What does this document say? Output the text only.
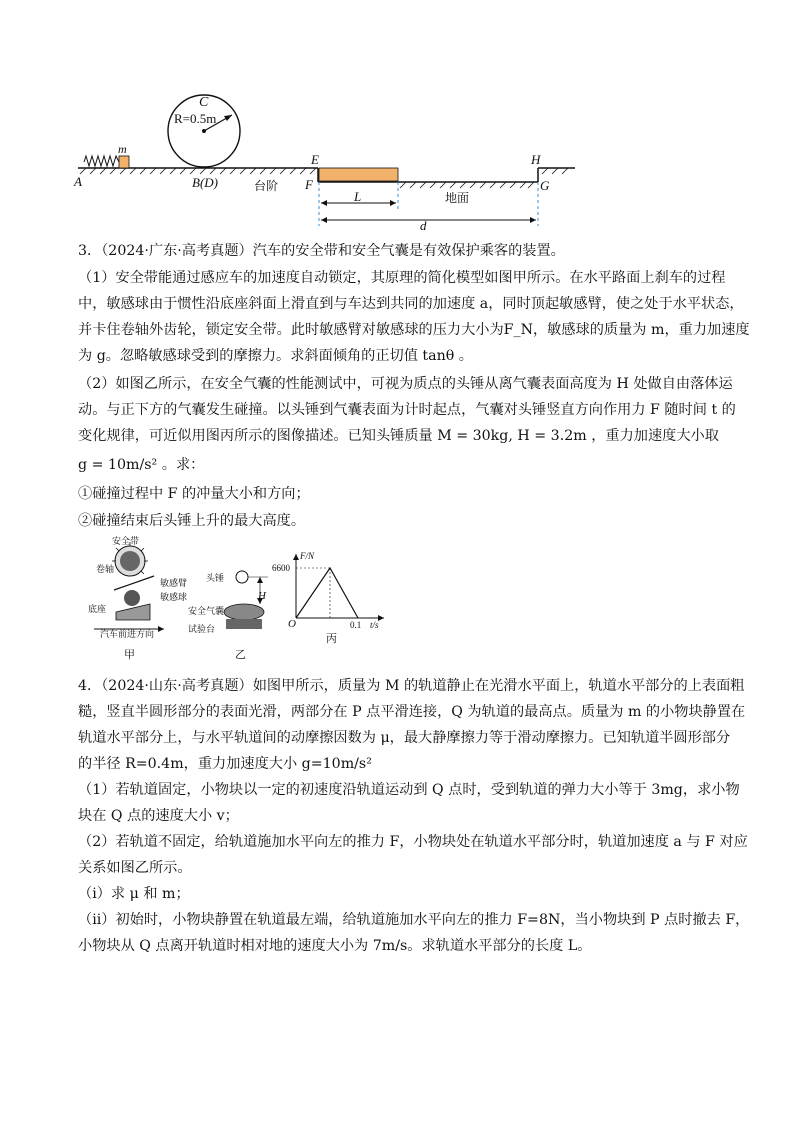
C
R=0.5m
m
A	B(D)	台阶
E
F
L	地面
H
G
d
3．（2024·广东·高考真题）汽车的安全带和安全气囊是有效保护乘客的装置。
（1）安全带能通过感应车的加速度自动锁定，其原理的简化模型如图甲所示。在水平路面上刹车的过程
中，敏感球由于惯性沿底座斜面上滑直到与车达到共同的加速度 a，同时顶起敏感臂，使之处于水平状态，
并卡住卷轴外齿轮，锁定安全带。此时敏感臂对敏感球的压力大小为F_N，敏感球的质量为 m，重力加速度
为 g。忽略敏感球受到的摩擦力。求斜面倾角的正切值 tanθ 。
（2）如图乙所示，在安全气囊的性能测试中，可视为质点的头锤从离气囊表面高度为 H 处做自由落体运
动。与正下方的气囊发生碰撞。以头锤到气囊表面为计时起点，气囊对头锤竖直方向作用力 F 随时间 t 的
变化规律，可近似用图丙所示的图像描述。已知头锤质量 M = 30kg, H = 3.2m ，重力加速度大小取
g = 10m/s² 。求：
①碰撞过程中 F 的冲量大小和方向；
②碰撞结束后头锤上升的最大高度。
安全带
卷轴
敏感臂
敏感球
底座
汽车前进方向
甲
头锤
H
安全气囊
试验台
乙
F/N
6600
O	0.1 t/s
丙
4．（2024·山东·高考真题）如图甲所示，质量为 M 的轨道静止在光滑水平面上，轨道水平部分的上表面粗
糙，竖直半圆形部分的表面光滑，两部分在 P 点平滑连接，Q 为轨道的最高点。质量为 m 的小物块静置在
轨道水平部分上，与水平轨道间的动摩擦因数为 μ，最大静摩擦力等于滑动摩擦力。已知轨道半圆形部分
的半径 R=0.4m，重力加速度大小 g=10m/s²
（1）若轨道固定，小物块以一定的初速度沿轨道运动到 Q 点时，受到轨道的弹力大小等于 3mg，求小物
块在 Q 点的速度大小 v；
（2）若轨道不固定，给轨道施加水平向左的推力 F，小物块处在轨道水平部分时，轨道加速度 a 与 F 对应
关系如图乙所示。
（i）求 μ 和 m；
（ii）初始时，小物块静置在轨道最左端，给轨道施加水平向左的推力 F=8N，当小物块到 P 点时撤去 F，
小物块从 Q 点离开轨道时相对地的速度大小为 7m/s。求轨道水平部分的长度 L。
